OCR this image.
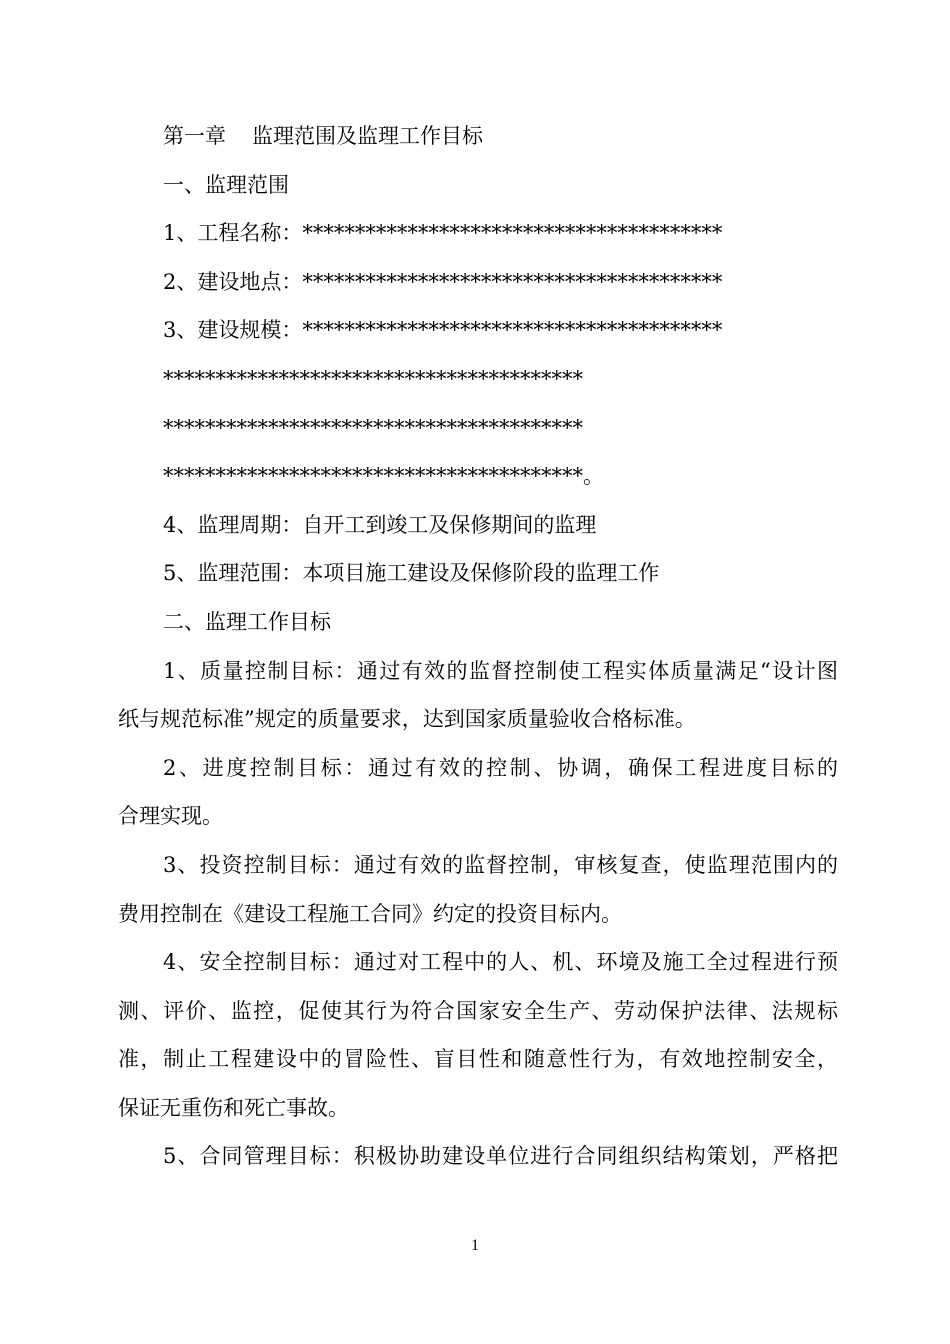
第一章 监理范围及监理工作目标
一、监理范围
1、工程名称：****************************************
2、建设地点：****************************************
3、建设规模：****************************************
****************************************
****************************************
****************************************。
4、监理周期：自开工到竣工及保修期间的监理
5、监理范围：本项目施工建设及保修阶段的监理工作
二、监理工作目标
1、质量控制目标：通过有效的监督控制使工程实体质量满足“设计图
纸与规范标准”规定的质量要求，达到国家质量验收合格标准。
2、进度控制目标：通过有效的控制、协调，确保工程进度目标的
合理实现。
3、投资控制目标：通过有效的监督控制，审核复查，使监理范围内的
费用控制在《建设工程施工合同》约定的投资目标内。
4、安全控制目标：通过对工程中的人、机、环境及施工全过程进行预
测、评价、监控，促使其行为符合国家安全生产、劳动保护法律、法规标
准，制止工程建设中的冒险性、盲目性和随意性行为，有效地控制安全，
保证无重伤和死亡事故。
5、合同管理目标：积极协助建设单位进行合同组织结构策划，严格把
1
